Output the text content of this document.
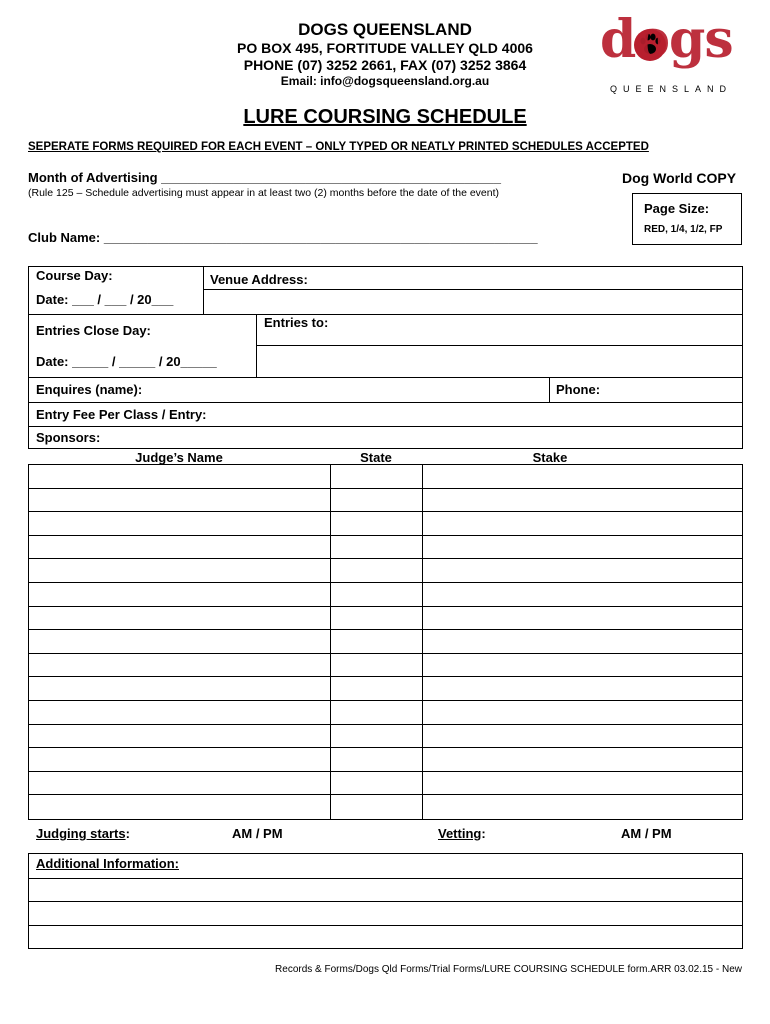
DOGS QUEENSLAND
PO BOX 495, FORTITUDE VALLEY QLD 4006
PHONE (07) 3252 2661, FAX (07) 3252 3864
Email: info@dogsqueensland.org.au
dogs
QUEENSLAND
LURE COURSING SCHEDULE
SEPERATE FORMS REQUIRED FOR EACH EVENT – ONLY TYPED OR NEATLY PRINTED SCHEDULES ACCEPTED
Month of Advertising _______________________________________________
(Rule 125 – Schedule advertising must appear in at least two (2) months before the date of the event)
Dog World COPY
Page Size:
RED, 1/4, 1/2, FP
Club Name: ____________________________________________________________
Course Day:	Venue Address:
Date: ___ / ___ / 20___
Entries Close Day:
Entries to:
Date: _____ / _____ / 20_____
Enquires (name):	Phone:
Entry Fee Per Class / Entry:
Sponsors:
Judge’s Name	State	Stake
Judging starts:	AM / PM	Vetting:	AM / PM
Additional Information:
Records & Forms/Dogs Qld Forms/Trial Forms/LURE COURSING SCHEDULE form.ARR 03.02.15 - New
